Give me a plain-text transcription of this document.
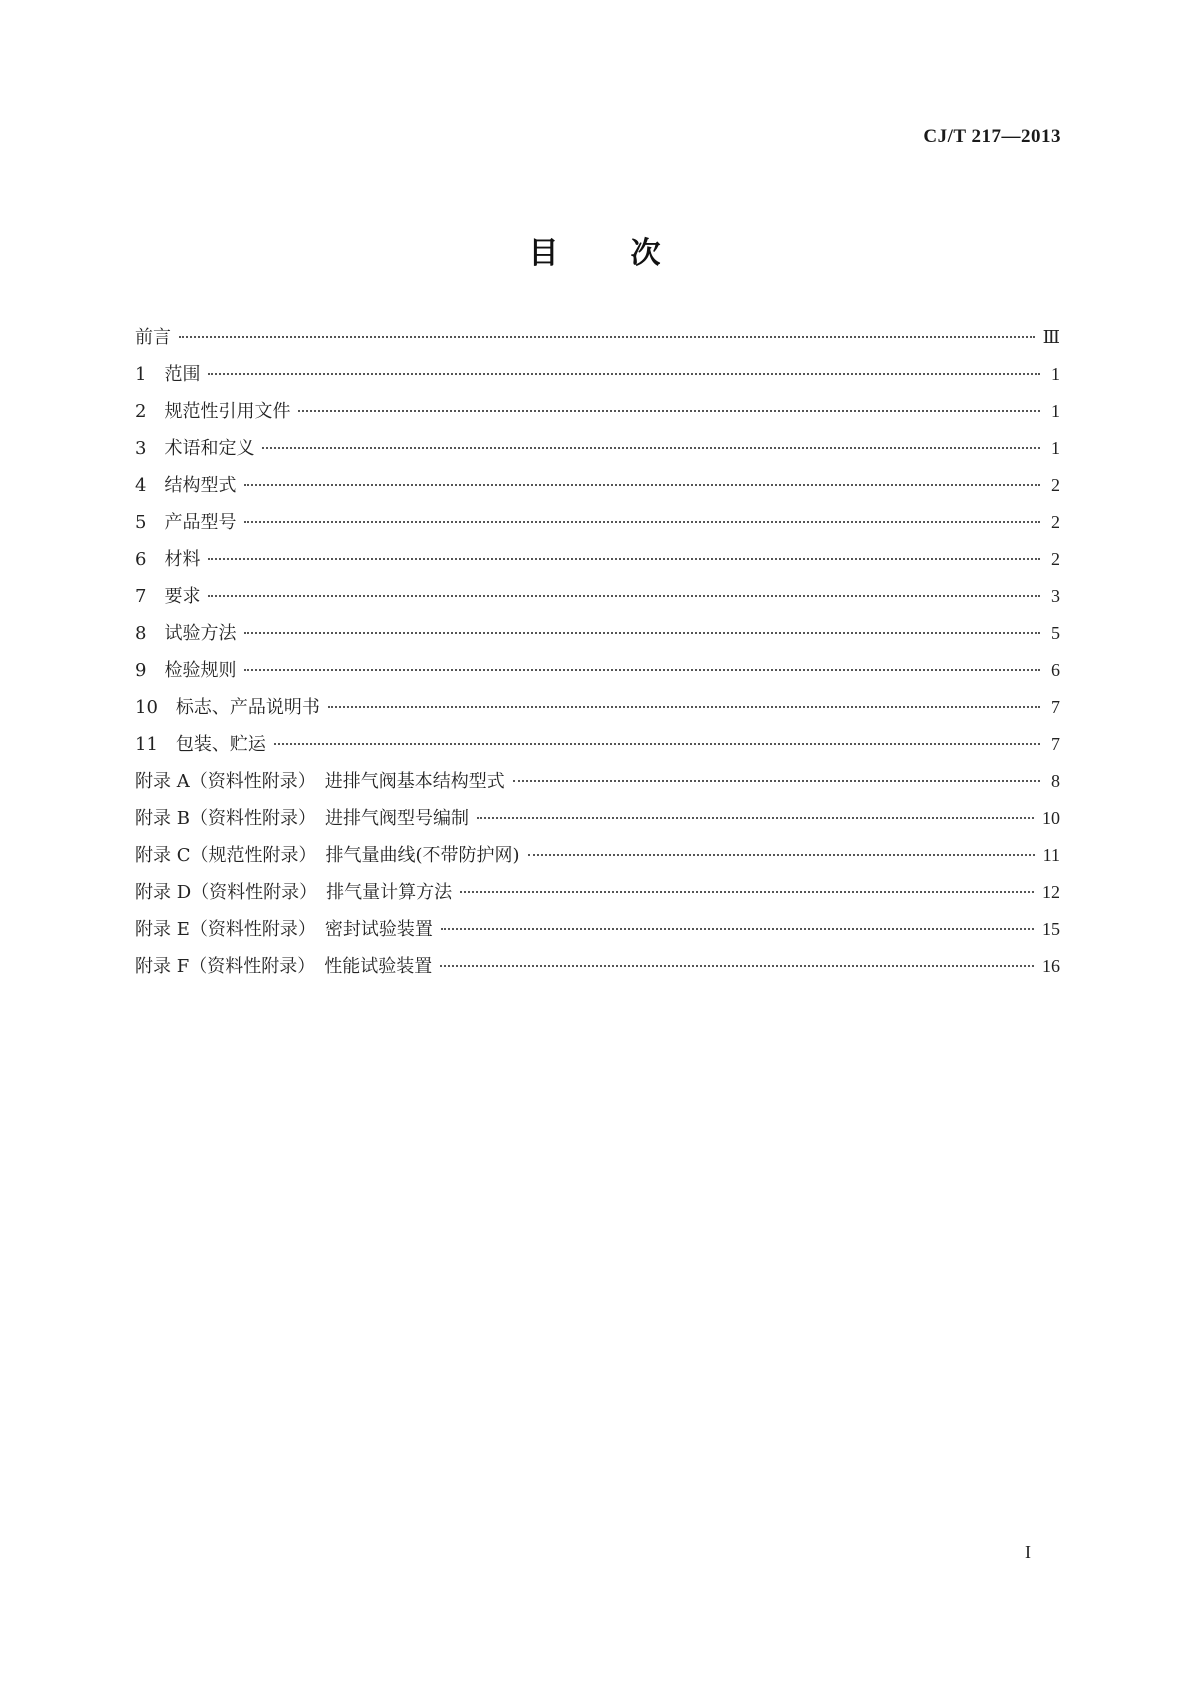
CJ/T 217—2013
目 次
前言	Ⅲ
1　范围	1
2　规范性引用文件	1
3　术语和定义	1
4　结构型式	2
5　产品型号	2
6　材料	2
7　要求	3
8　试验方法	5
9　检验规则	6
10　标志、产品说明书	7
11　包装、贮运	7
附录 A（资料性附录）　进排气阀基本结构型式	8
附录 B（资料性附录）　进排气阀型号编制	10
附录 C（规范性附录）　排气量曲线(不带防护网)	11
附录 D（资料性附录）　排气量计算方法	12
附录 E（资料性附录）　密封试验装置	15
附录 F（资料性附录）　性能试验装置	16
I
